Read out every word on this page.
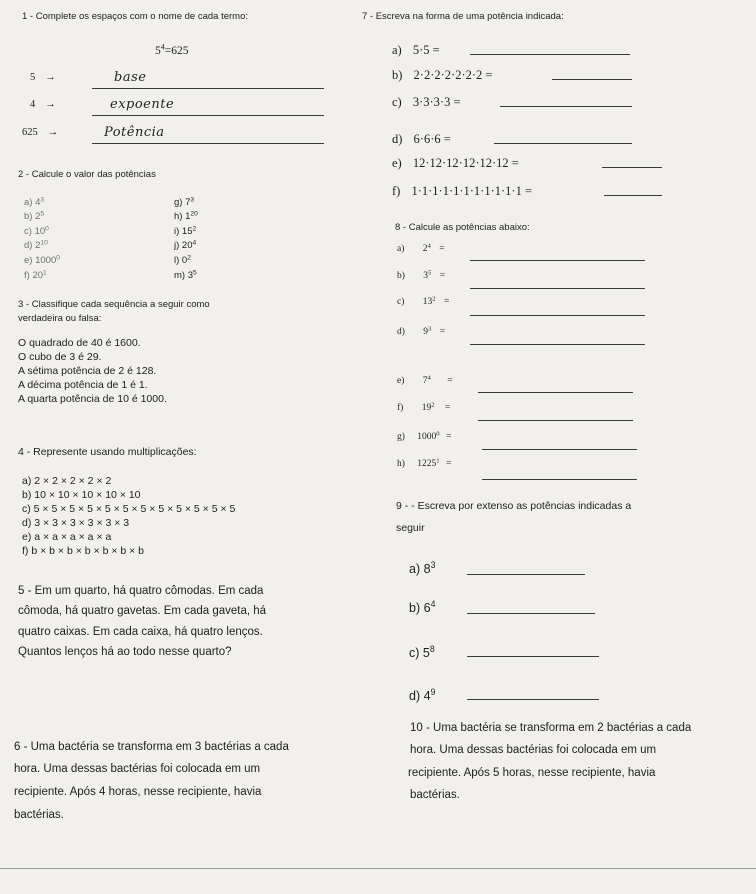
1 - Complete os espaços com o nome de cada termo:
$5^4=625$
5 →	base
4 →	expoente
625 →	Potência
2 - Calcule o valor das potências
a) $4^3$
b) $2^5$
c) $10^0$
d) $2^{10}$
e) 1000$^0$
f) $20^1$
g) $7^3$
h) $1^{20}$
i) $15^2$
j) $20^4$
l) $0^2$
m) $3^5$
3 - Classifique cada sequência a seguir como
verdadeira ou falsa:
O quadrado de 40 é 1600.
O cubo de 3 é 29.
A sétima potência de 2 é 128.
A décima potência de 1 é 1.
A quarta potência de 10 é 1000.
4 - Represente usando multiplicações:
a) 2 × 2 × 2 × 2 × 2
b) 10 × 10 × 10 × 10 × 10
c) 5 × 5 × 5 × 5 × 5 × 5 × 5 × 5 × 5 × 5 × 5 × 5
d) 3 × 3 × 3 × 3 × 3 × 3
e) a × a × a × a × a
f) b × b × b × b × b × b × b
5 - Em um quarto, há quatro cômodas. Em cada
cômoda, há quatro gavetas. Em cada gaveta, há
quatro caixas. Em cada caixa, há quatro lenços.
Quantos lenços há ao todo nesse quarto?
6 - Uma bactéria se transforma em 3 bactérias a cada
hora. Uma dessas bactérias foi colocada em um
recipiente. Após 4 horas, nesse recipiente, havia
bactérias.
7 - Escreva na forma de uma potência indicada:
a) 5·5 =
b) 2·2·2·2·2·2·2 =
c) 3·3·3·3 =
d) 6·6·6 =
e) 12·12·12·12·12·12 =
f) 1·1·1·1·1·1·1·1·1·1·1 =
8 - Calcule as potências abaixo:
a) $2^4$ =
b) $3^5$ =
c) $13^2$ =
d) $9^3$ =
e) $7^4$ =
f) $19^2$ =
g) $1000^0$ =
h) $1225^1$ =
9 - - Escreva por extenso as potências indicadas a
seguir
a) $8^3$
b) $6^4$
c) $5^8$
d) $4^9$
10 - Uma bactéria se transforma em 2 bactérias a cada
hora. Uma dessas bactérias foi colocada em um
recipiente. Após 5 horas, nesse recipiente, havia
bactérias.
